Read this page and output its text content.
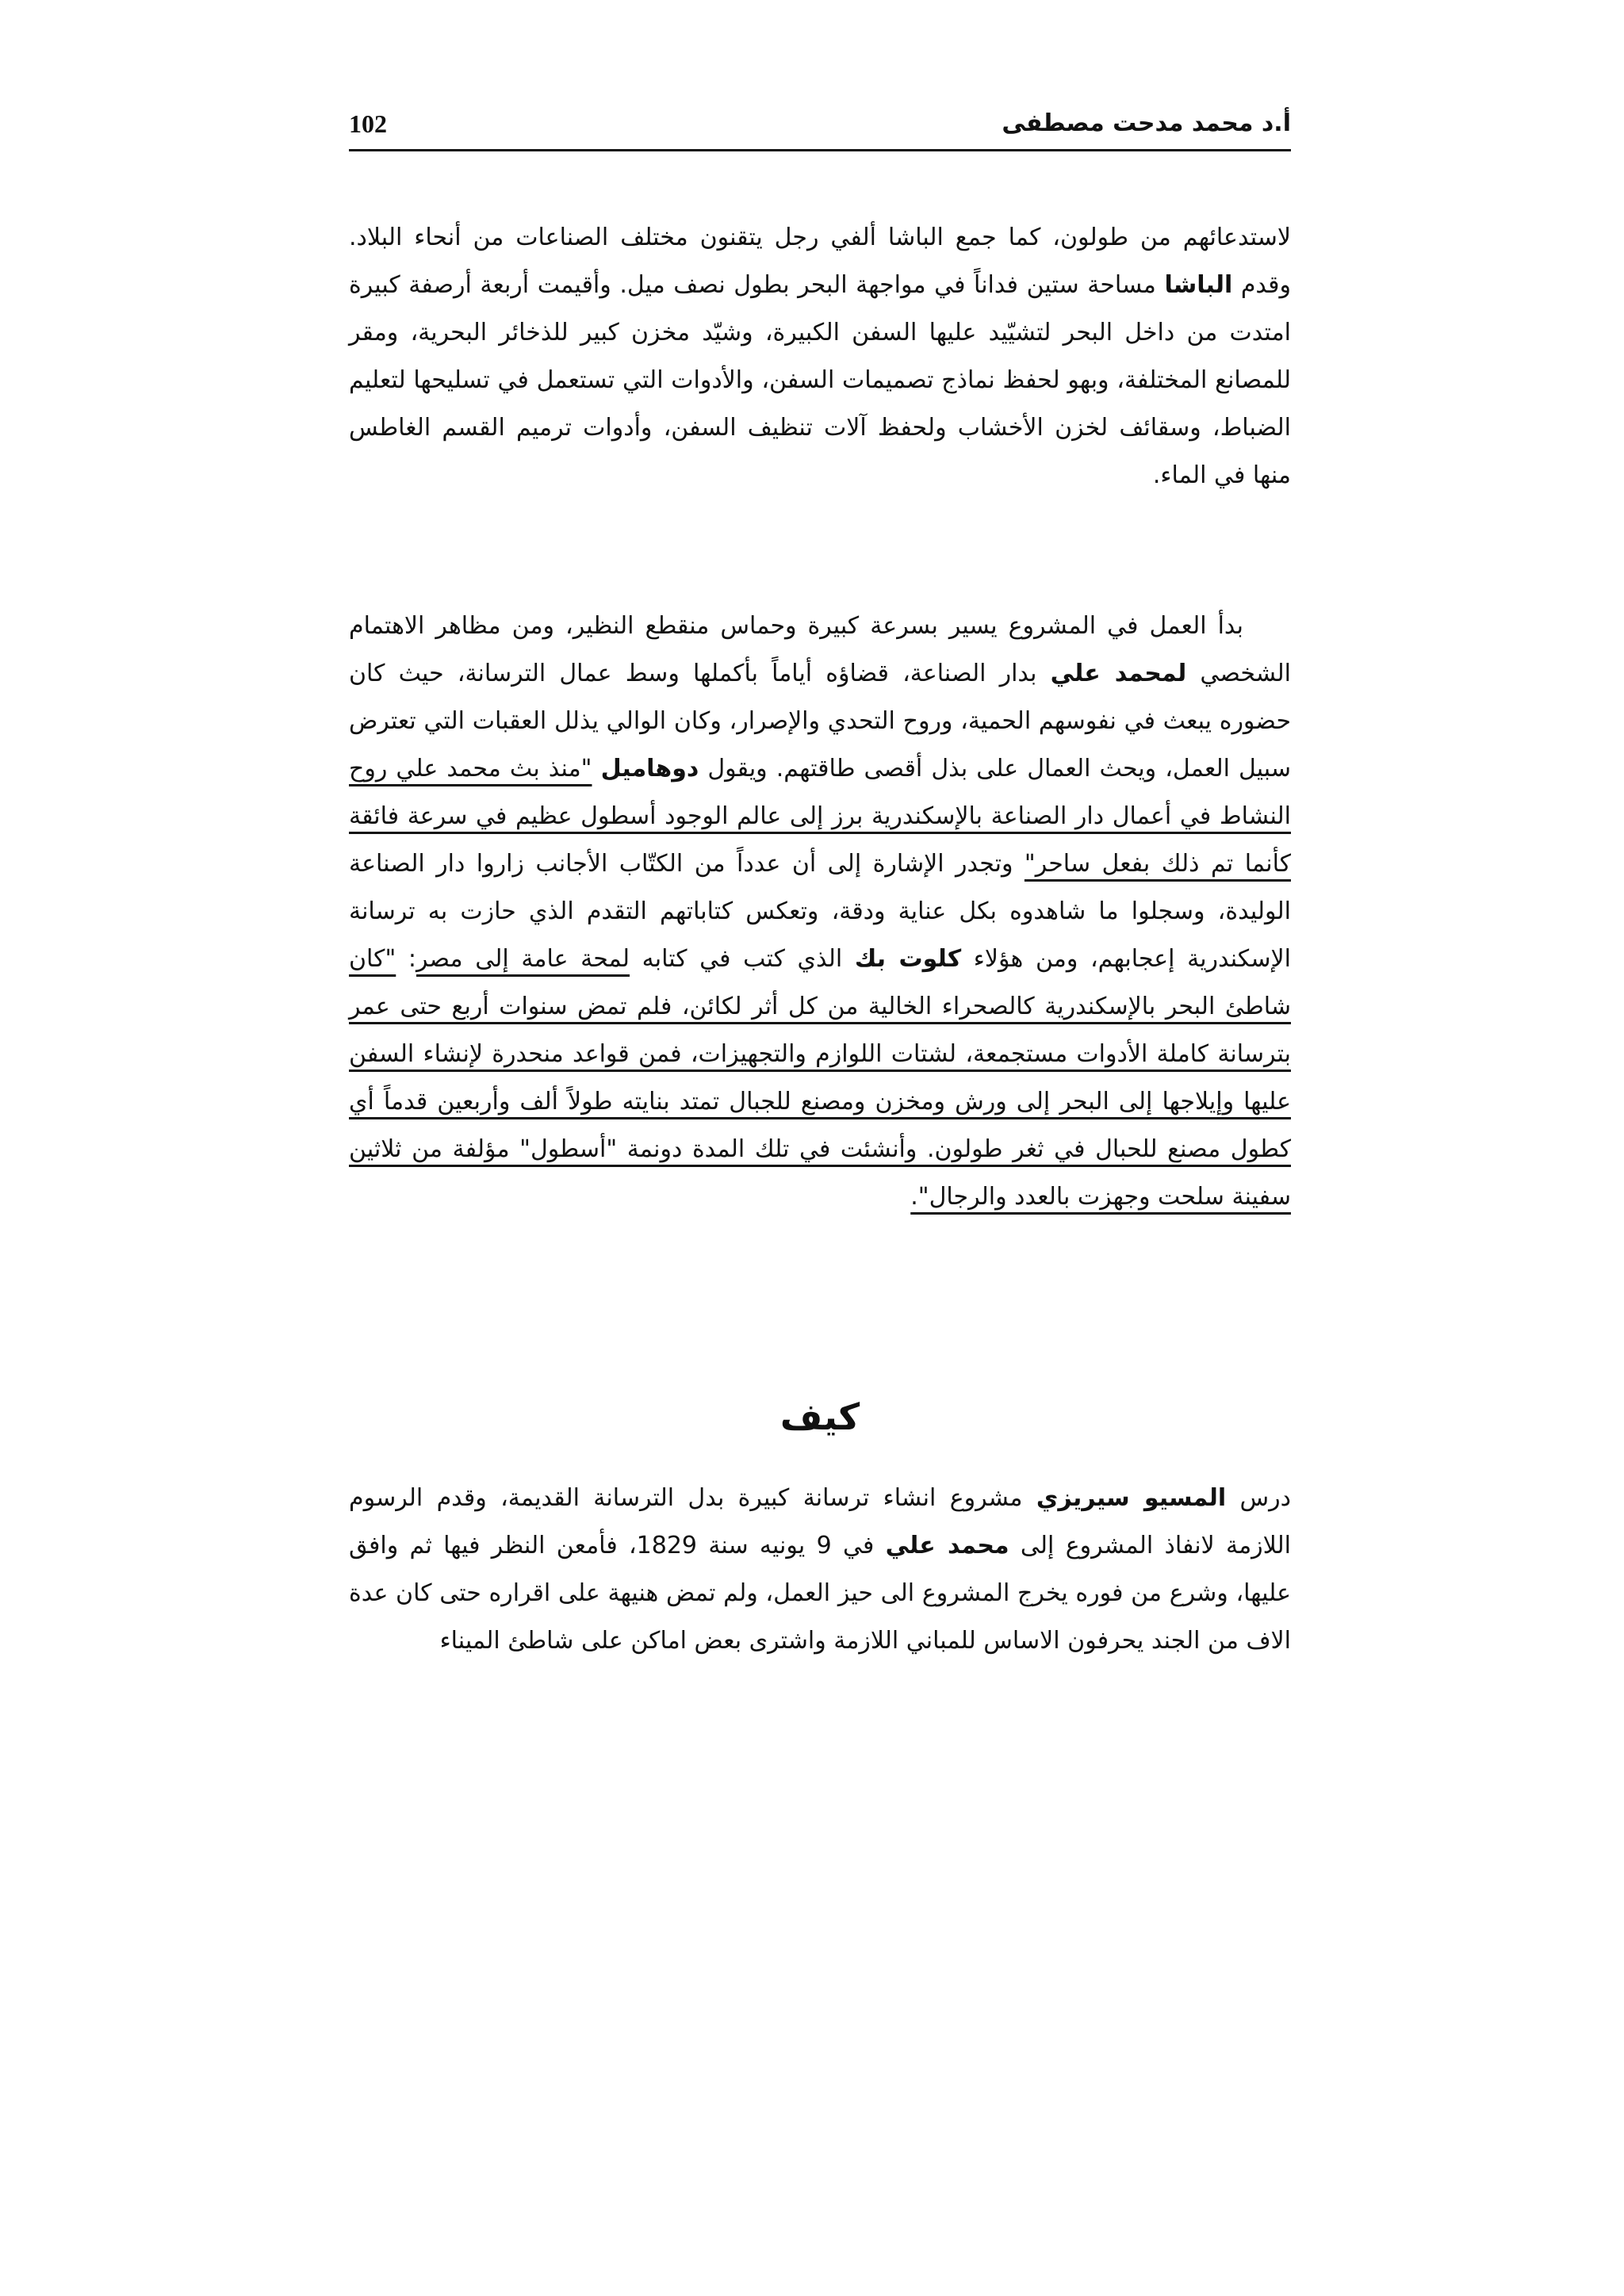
102	أ.د محمد مدحت مصطفى

لاستدعائهم من طولون، كما جمع الباشا ألفي رجل يتقنون مختلف الصناعات من أنحاء البلاد. وقدم الباشا مساحة ستين فداناً في مواجهة البحر بطول نصف ميل. وأقيمت أربعة أرصفة كبيرة امتدت من داخل البحر لتشيّيد عليها السفن الكبيرة، وشيّد مخزن كبير للذخائر البحرية، ومقر للمصانع المختلفة، وبهو لحفظ نماذج تصميمات السفن، والأدوات التي تستعمل في تسليحها لتعليم الضباط، وسقائف لخزن الأخشاب ولحفظ آلات تنظيف السفن، وأدوات ترميم القسم الغاطس منها في الماء.

بدأ العمل في المشروع يسير بسرعة كبيرة وحماس منقطع النظير، ومن مظاهر الاهتمام الشخصي لمحمد علي بدار الصناعة، قضاؤه أياماً بأكملها وسط عمال الترسانة، حيث كان حضوره يبعث في نفوسهم الحمية، وروح التحدي والإصرار، وكان الوالي يذلل العقبات التي تعترض سبيل العمل، ويحث العمال على بذل أقصى طاقتهم. ويقول دوهاميل "منذ بث محمد علي روح النشاط في أعمال دار الصناعة بالإسكندرية برز إلى عالم الوجود أسطول عظيم في سرعة فائقة كأنما تم ذلك بفعل ساحر" وتجدر الإشارة إلى أن عدداً من الكتّاب الأجانب زاروا دار الصناعة الوليدة، وسجلوا ما شاهدوه بكل عناية ودقة، وتعكس كتاباتهم التقدم الذي حازت به ترسانة الإسكندرية إعجابهم، ومن هؤلاء كلوت بك الذي كتب في كتابه لمحة عامة إلى مصر: "كان شاطئ البحر بالإسكندرية كالصحراء الخالية من كل أثر لكائن، فلم تمض سنوات أربع حتى عمر بترسانة كاملة الأدوات مستجمعة، لشتات اللوازم والتجهيزات، فمن قواعد منحدرة لإنشاء السفن عليها وإيلاجها إلى البحر إلى ورش ومخزن ومصنع للجبال تمتد بنايته طولاً ألف وأربعين قدماً أي كطول مصنع للحبال في ثغر طولون. وأنشئت في تلك المدة دونمة "أسطول" مؤلفة من ثلاثين سفينة سلحت وجهزت بالعدد والرجال".

كيف

درس المسيو سيريزي مشروع انشاء ترسانة كبيرة بدل الترسانة القديمة، وقدم الرسوم اللازمة لانفاذ المشروع إلى محمد علي في 9 يونيه سنة 1829، فأمعن النظر فيها ثم وافق عليها، وشرع من فوره يخرج المشروع الى حيز العمل، ولم تمض هنيهة على اقراره حتى كان عدة الاف من الجند يحرفون الاساس للمباني اللازمة واشترى بعض اماكن على شاطئ الميناء
